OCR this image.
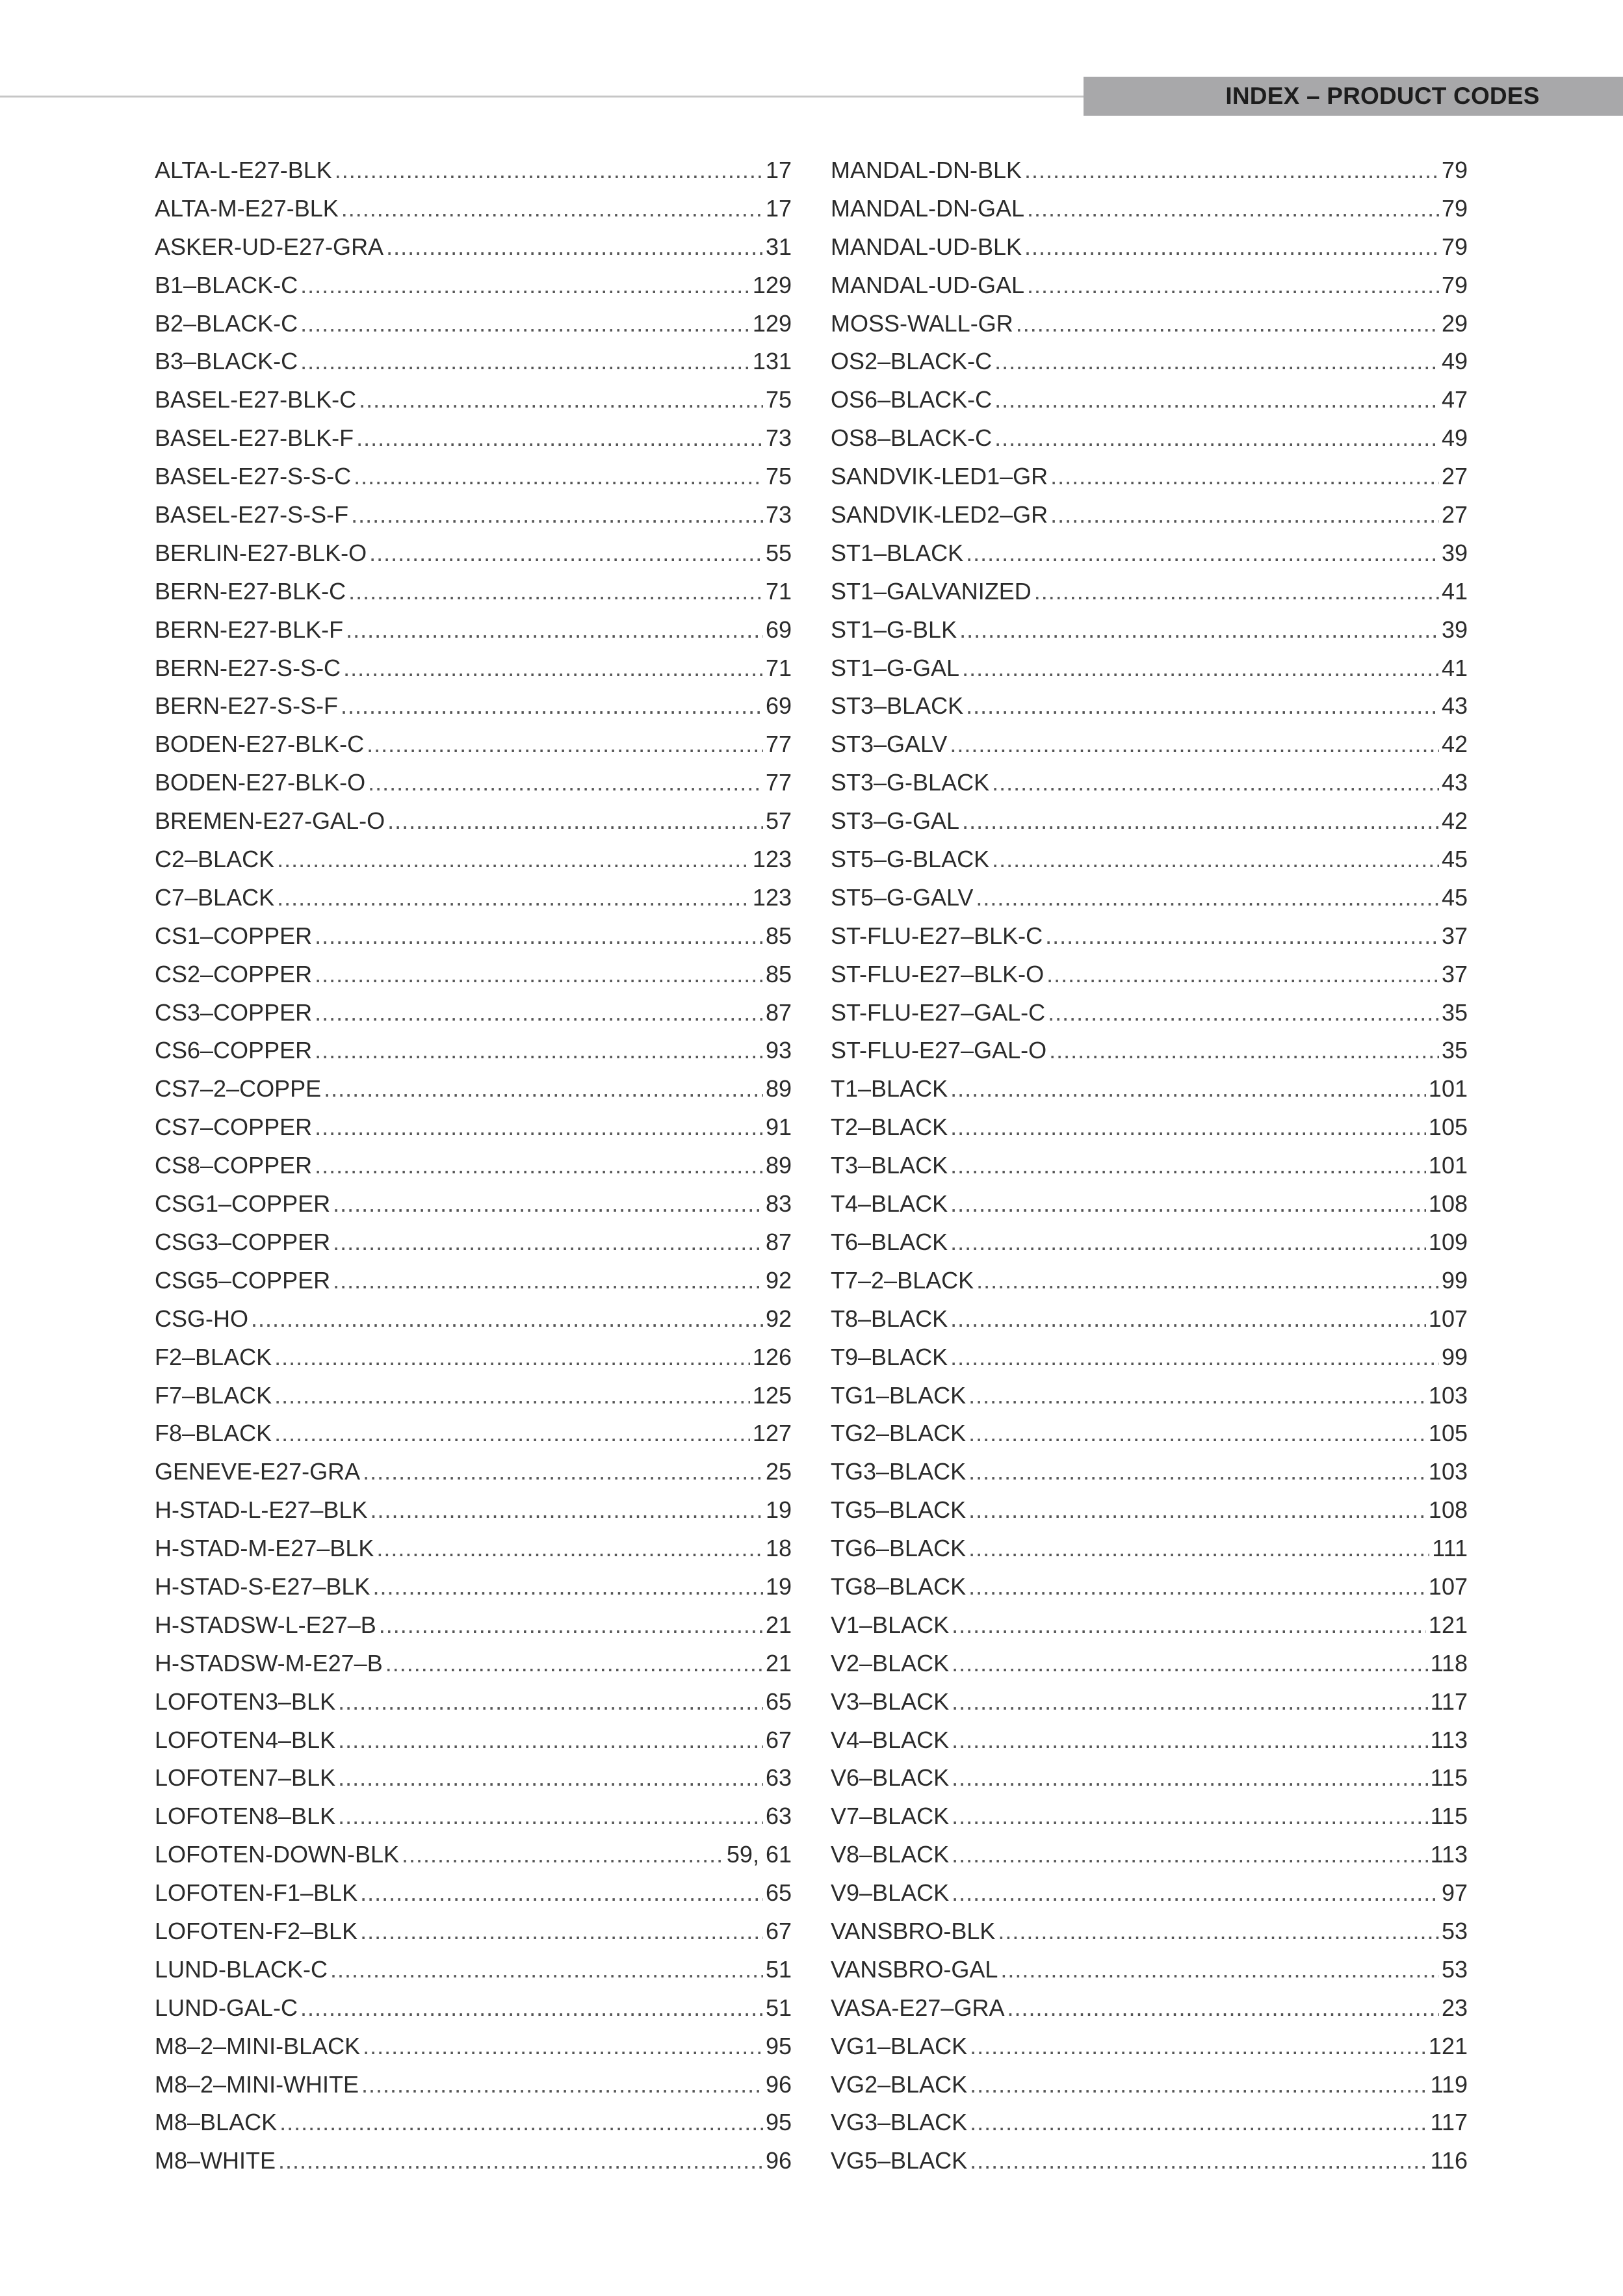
INDEX – PRODUCT CODES
ALTA-L-E27-BLK .....	17
ALTA-M-E27-BLK .....	17
ASKER-UD-E27-GRA .....	31
B1–BLACK-C .....	129
B2–BLACK-C .....	129
B3–BLACK-C .....	131
BASEL-E27-BLK-C .....	75
BASEL-E27-BLK-F .....	73
BASEL-E27-S-S-C .....	75
BASEL-E27-S-S-F .....	73
BERLIN-E27-BLK-O .....	55
BERN-E27-BLK-C .....	71
BERN-E27-BLK-F .....	69
BERN-E27-S-S-C .....	71
BERN-E27-S-S-F .....	69
BODEN-E27-BLK-C .....	77
BODEN-E27-BLK-O .....	77
BREMEN-E27-GAL-O .....	57
C2–BLACK .....	123
C7–BLACK .....	123
CS1–COPPER .....	85
CS2–COPPER .....	85
CS3–COPPER .....	87
CS6–COPPER .....	93
CS7–2–COPPE .....	89
CS7–COPPER .....	91
CS8–COPPER .....	89
CSG1–COPPER .....	83
CSG3–COPPER .....	87
CSG5–COPPER .....	92
CSG-HO .....	92
F2–BLACK .....	126
F7–BLACK .....	125
F8–BLACK .....	127
GENEVE-E27-GRA .....	25
H-STAD-L-E27–BLK .....	19
H-STAD-M-E27–BLK .....	18
H-STAD-S-E27–BLK .....	19
H-STADSW-L-E27–B .....	21
H-STADSW-M-E27–B .....	21
LOFOTEN3–BLK .....	65
LOFOTEN4–BLK .....	67
LOFOTEN7–BLK .....	63
LOFOTEN8–BLK .....	63
LOFOTEN-DOWN-BLK .....	59, 61
LOFOTEN-F1–BLK .....	65
LOFOTEN-F2–BLK .....	67
LUND-BLACK-C .....	51
LUND-GAL-C .....	51
M8–2–MINI-BLACK .....	95
M8–2–MINI-WHITE .....	96
M8–BLACK .....	95
M8–WHITE .....	96
MANDAL-DN-BLK .....	79
MANDAL-DN-GAL .....	79
MANDAL-UD-BLK .....	79
MANDAL-UD-GAL .....	79
MOSS-WALL-GR .....	29
OS2–BLACK-C .....	49
OS6–BLACK-C .....	47
OS8–BLACK-C .....	49
SANDVIK-LED1–GR .....	27
SANDVIK-LED2–GR .....	27
ST1–BLACK .....	39
ST1–GALVANIZED .....	41
ST1–G-BLK .....	39
ST1–G-GAL .....	41
ST3–BLACK .....	43
ST3–GALV .....	42
ST3–G-BLACK .....	43
ST3–G-GAL .....	42
ST5–G-BLACK .....	45
ST5–G-GALV .....	45
ST-FLU-E27–BLK-C .....	37
ST-FLU-E27–BLK-O .....	37
ST-FLU-E27–GAL-C .....	35
ST-FLU-E27–GAL-O .....	35
T1–BLACK .....	101
T2–BLACK .....	105
T3–BLACK .....	101
T4–BLACK .....	108
T6–BLACK .....	109
T7–2–BLACK .....	99
T8–BLACK .....	107
T9–BLACK .....	99
TG1–BLACK .....	103
TG2–BLACK .....	105
TG3–BLACK .....	103
TG5–BLACK .....	108
TG6–BLACK .....	111
TG8–BLACK .....	107
V1–BLACK .....	121
V2–BLACK .....	118
V3–BLACK .....	117
V4–BLACK .....	113
V6–BLACK .....	115
V7–BLACK .....	115
V8–BLACK .....	113
V9–BLACK .....	97
VANSBRO-BLK .....	53
VANSBRO-GAL .....	53
VASA-E27–GRA .....	23
VG1–BLACK .....	121
VG2–BLACK .....	119
VG3–BLACK .....	117
VG5–BLACK .....	116
